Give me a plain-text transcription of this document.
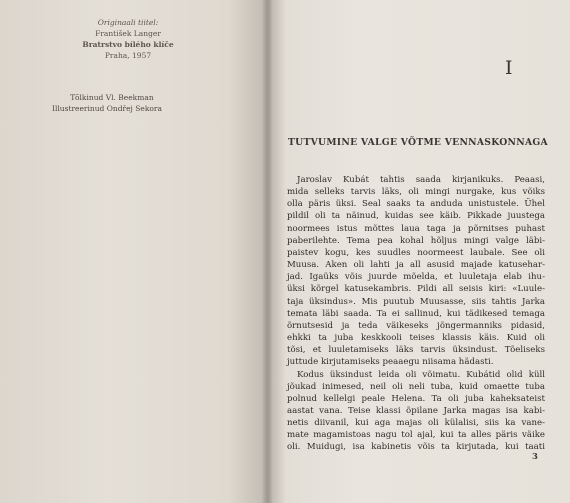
Originaali tiitel:
František Langer
Bratrstvo bílého klíče
Praha, 1957
Tõlkinud Vl. Beekman
Illustreerinud Ondřej Sekora
I
TUTVUMINE VALGE VÕTME VENNASKONNAGA
Jaroslav Kubát tahtis saada kirjanikuks. Peaasi,
mida selleks tarvis läks, oli mingi nurgake, kus võiks
olla päris üksi. Seal saaks ta anduda unistustele. Ühel
pildil oli ta näinud, kuidas see käib. Pikkade juustega
noormees istus mõttes laua taga ja põrnitses puhast
paberilehte. Tema pea kohal hõljus mingi valge läbi-
paistev kogu, kes suudles noormeest laubale. See oli
Muusa. Aken oli lahti ja all asusid majade katusehar-
jad. Igaüks võis juurde mõelda, et luuletaja elab ihu-
üksi kõrgel katusekambris. Pildi all seisis kiri: «Luule-
taja üksindus». Mis puutub Muusasse, siis tahtis Jarka
temata läbi saada. Ta ei sallinud, kui tädikesed temaga
õrnutsesid ja teda väikeseks jõngermanniks pidasid,
ehkki ta juba keskkooli teises klassis käis. Kuid oli
tõsi, et luuletamiseks läks tarvis üksindust. Tõeliseks
juttude kirjutamiseks peaaegu niisama hädasti.
Kodus üksindust leida oli võimatu. Kubátid olid küll
jõukad inimesed, neil oli neli tuba, kuid omaette tuba
polnud kellelgi peale Helena. Ta oli juba kaheksateist
aastat vana. Teise klassi õpilane Jarka magas isa kabi-
netis diivanil, kui aga majas oli külalisi, siis ka vane-
mate magamistoas nagu tol ajal, kui ta alles päris väike
oli. Muidugi, isa kabinetis võis ta kirjutada, kui taati
3
